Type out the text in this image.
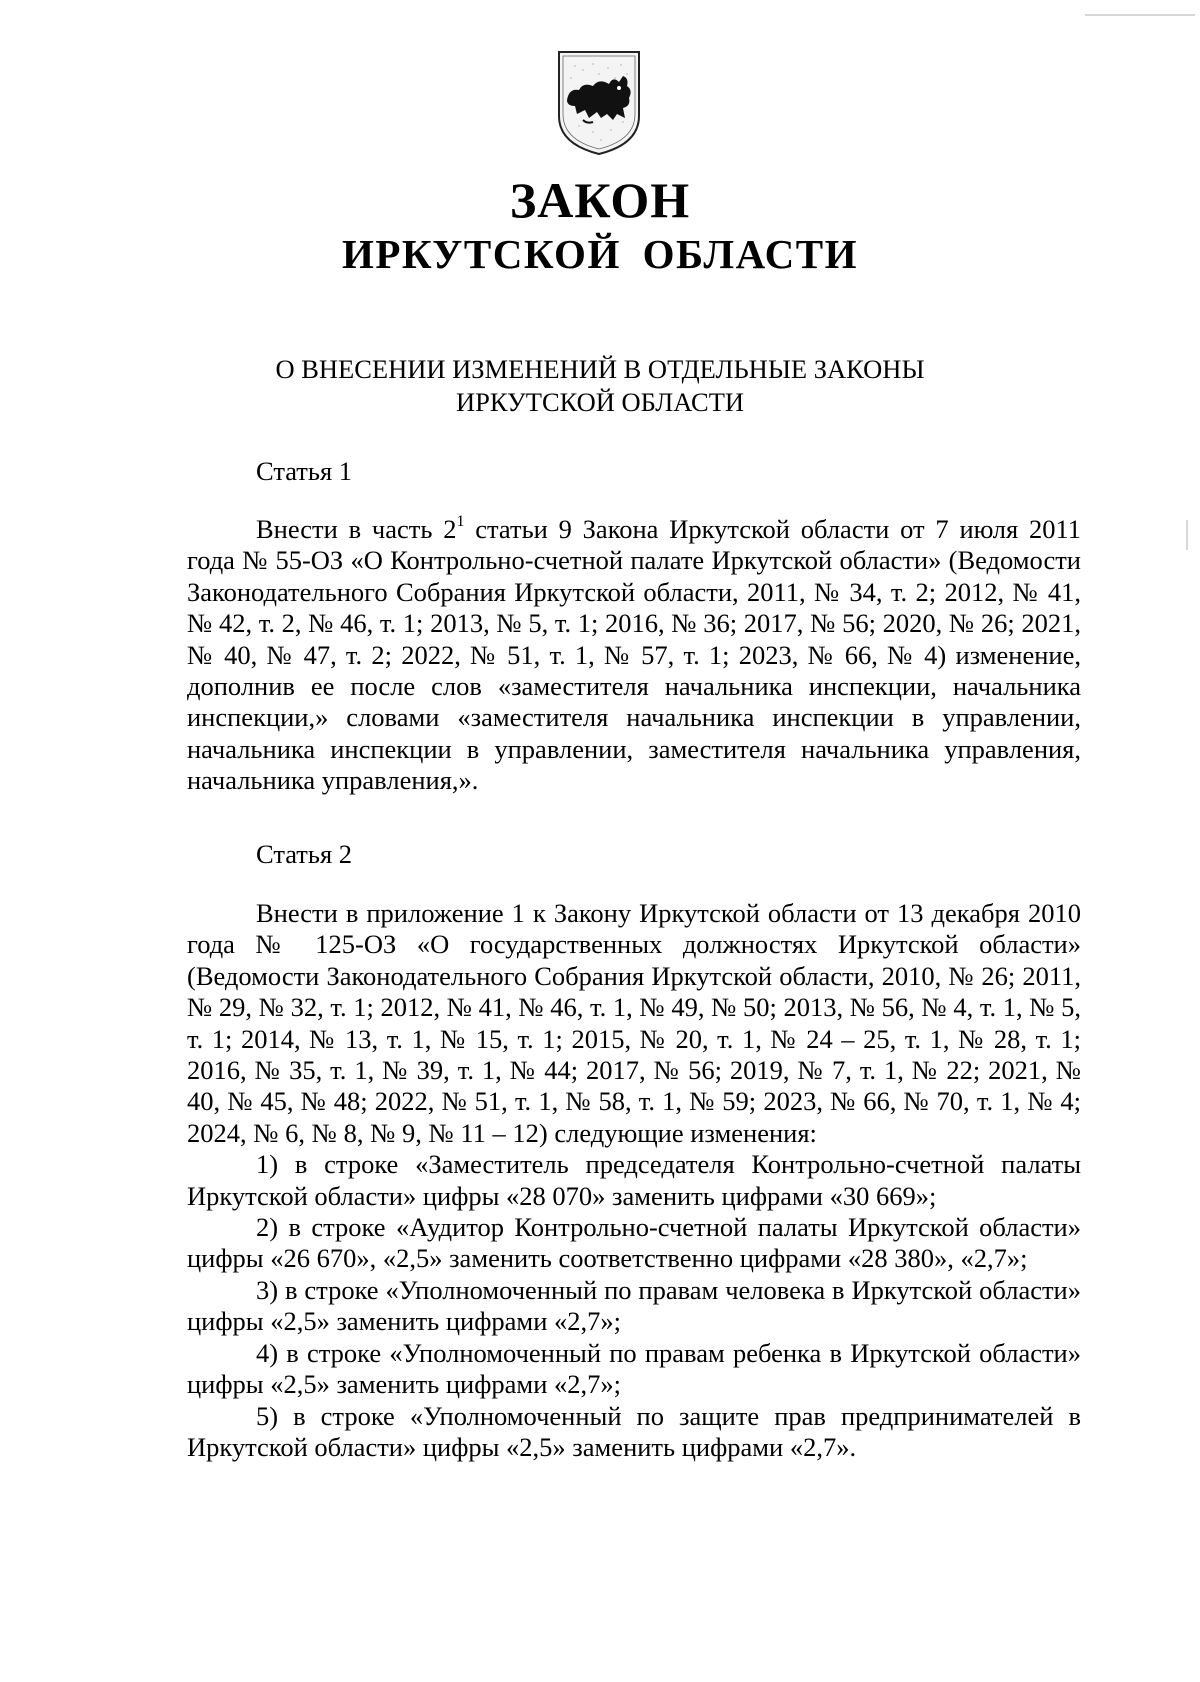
ЗАКОН
ИРКУТСКОЙ ОБЛАСТИ
О ВНЕСЕНИИ ИЗМЕНЕНИЙ В ОТДЕЛЬНЫЕ ЗАКОНЫ
ИРКУТСКОЙ ОБЛАСТИ
Статья 1
Внести в часть $2^1$ статьи 9 Закона Иркутской области от 7 июля 2011 года № 55-ОЗ «О Контрольно-счетной палате Иркутской области» (Ведомости Законодательного Собрания Иркутской области, 2011, № 34, т. 2; 2012, № 41, № 42, т. 2, № 46, т. 1; 2013, № 5, т. 1; 2016, № 36; 2017, № 56; 2020, № 26; 2021, № 40, № 47, т. 2; 2022, № 51, т. 1, № 57, т. 1; 2023, № 66, № 4) изменение, дополнив ее после слов «заместителя начальника инспекции, начальника инспекции,» словами «заместителя начальника инспекции в управлении, начальника инспекции в управлении, заместителя начальника управления, начальника управления,».
Статья 2
Внести в приложение 1 к Закону Иркутской области от 13 декабря 2010 года № 125-ОЗ «О государственных должностях Иркутской области» (Ведомости Законодательного Собрания Иркутской области, 2010, № 26; 2011, № 29, № 32, т. 1; 2012, № 41, № 46, т. 1, № 49, № 50; 2013, № 56, № 4, т. 1, № 5, т. 1; 2014, № 13, т. 1, № 15, т. 1; 2015, № 20, т. 1, № 24 – 25, т. 1, № 28, т. 1; 2016, № 35, т. 1, № 39, т. 1, № 44; 2017, № 56; 2019, № 7, т. 1, № 22; 2021, № 40, № 45, № 48; 2022, № 51, т. 1, № 58, т. 1, № 59; 2023, № 66, № 70, т. 1, № 4; 2024, № 6, № 8, № 9, № 11 – 12) следующие изменения:
1) в строке «Заместитель председателя Контрольно-счетной палаты Иркутской области» цифры «28 070» заменить цифрами «30 669»;
2) в строке «Аудитор Контрольно-счетной палаты Иркутской области» цифры «26 670», «2,5» заменить соответственно цифрами «28 380», «2,7»;
3) в строке «Уполномоченный по правам человека в Иркутской области» цифры «2,5» заменить цифрами «2,7»;
4) в строке «Уполномоченный по правам ребенка в Иркутской области» цифры «2,5» заменить цифрами «2,7»;
5) в строке «Уполномоченный по защите прав предпринимателей в Иркутской области» цифры «2,5» заменить цифрами «2,7».
